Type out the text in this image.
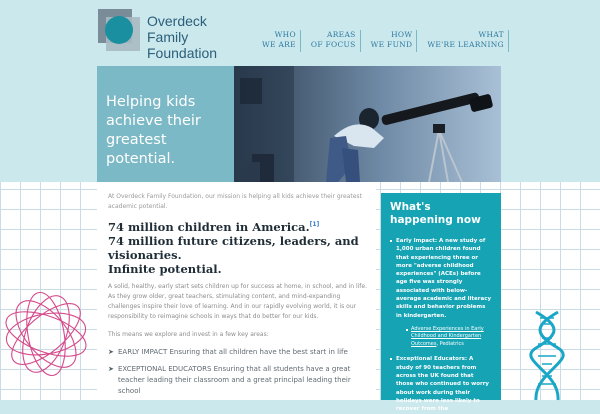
Overdeck Family
Foundation
WHO
WE ARE
AREAS
OF FOCUS
HOW
WE FUND
WHAT
WE'RE LEARNING
Helping kids
achieve their
greatest
potential.

At Overdeck Family Foundation, our mission is helping all kids achieve their greatest academic potential.

74 million children in America.[1]
74 million future citizens, leaders, and visionaries.
Infinite potential.

A solid, healthy, early start sets children up for success at home, in school, and in life. As they grow older, great teachers, stimulating content, and mind-expanding challenges inspire their love of learning. And in our rapidly evolving world, it is our responsibility to reimagine schools in ways that do better for our kids.

This means we explore and invest in a few key areas:

➤ EARLY IMPACT Ensuring that all children have the best start in life
➤ EXCEPTIONAL EDUCATORS Ensuring that all students have a great teacher leading their classroom and a great principal leading their school
What's happening now
Early Impact: A new study of 1,000 urban children found that experiencing three or more "adverse childhood experiences" (ACEs) before age five was strongly associated with below-average academic and literacy skills and behavior problems in kindergarten.
Adverse Experiences in Early Childhood and Kindergarten Outcomes, Pediatrics
Exceptional Educators: A study of 90 teachers from across the UK found that those who continued to worry about work during their holidays were less likely to recover from the
